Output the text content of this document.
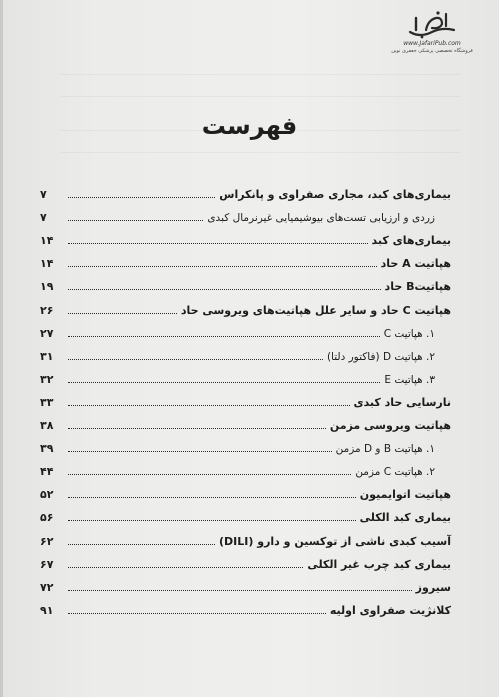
www.JafariPub.com
فروشگاه تخصصی پزشکی جعفری نوین
فهرست
بیماری‌های کبد، مجاری صفراوی و پانکراس
۷
زردی و ارزیابی تست‌های بیوشیمیایی غیرنرمال کبدی
۷
بیماری‌های کبد
۱۴
هپاتیت A حاد
۱۴
هپاتیتB حاد
۱۹
هپاتیت C حاد و سایر علل هپاتیت‌های ویروسی حاد
۲۶
۱. هپاتیت C
۲۷
۲. هپاتیت D (فاکتور دلتا)
۳۱
۳. هپاتیت E
۳۲
نارسایی حاد کبدی
۳۳
هپاتیت ویروسی مزمن
۳۸
۱. هپاتیت B و D مزمن
۳۹
۲. هپاتیت C مزمن
۴۴
هپاتیت اتوایمیون
۵۲
بیماری کبد الکلی
۵۶
آسیب کبدی ناشی از توکسین و دارو (DILI)
۶۲
بیماری کبد چرب غیر الکلی
۶۷
سیروز
۷۲
کلانژیت صفراوی اولیه
۹۱
